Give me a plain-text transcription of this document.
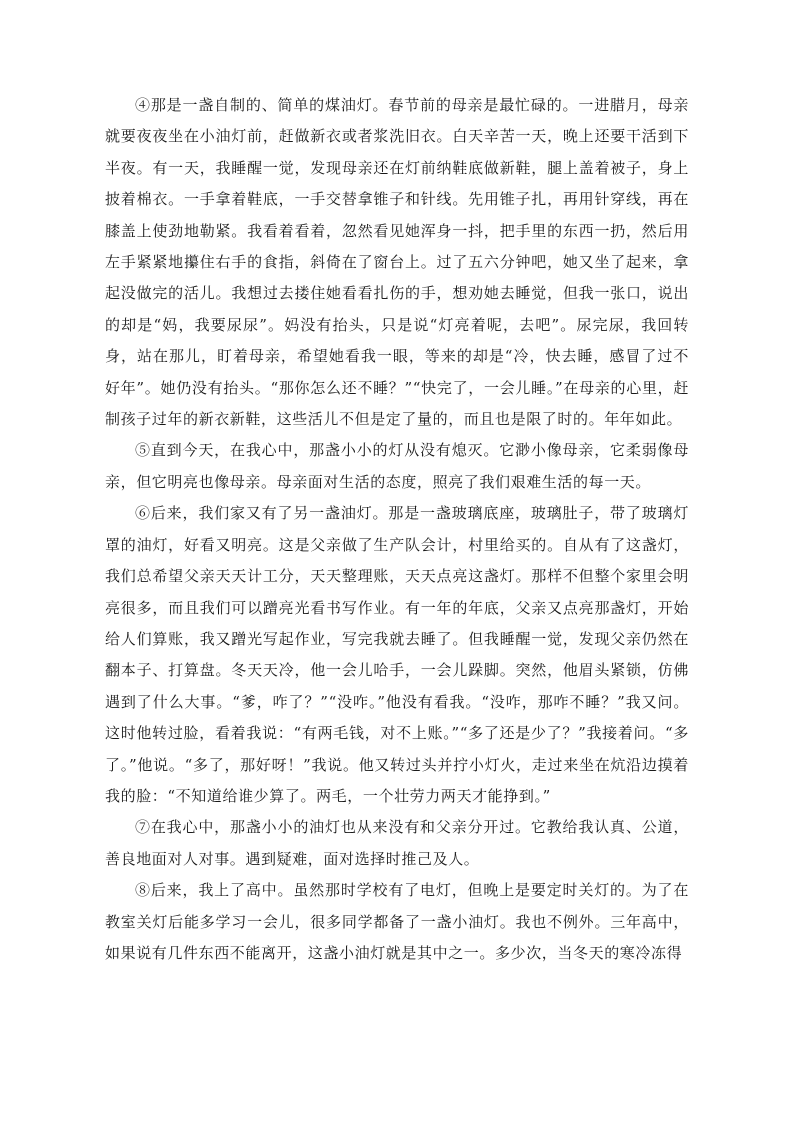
④那是一盏自制的、简单的煤油灯。春节前的母亲是最忙碌的。一进腊月，母亲就要夜夜坐在小油灯前，赶做新衣或者浆洗旧衣。白天辛苦一天，晚上还要干活到下半夜。有一天，我睡醒一觉，发现母亲还在灯前纳鞋底做新鞋，腿上盖着被子，身上披着棉衣。一手拿着鞋底，一手交替拿锥子和针线。先用锥子扎，再用针穿线，再在膝盖上使劲地勒紧。我看着看着，忽然看见她浑身一抖，把手里的东西一扔，然后用左手紧紧地攥住右手的食指，斜倚在了窗台上。过了五六分钟吧，她又坐了起来，拿起没做完的活儿。我想过去搂住她看看扎伤的手，想劝她去睡觉，但我一张口，说出的却是“妈，我要尿尿”。妈没有抬头，只是说“灯亮着呢，去吧”。尿完尿，我回转身，站在那儿，盯着母亲，希望她看我一眼，等来的却是“冷，快去睡，感冒了过不好年”。她仍没有抬头。“那你怎么还不睡？”“快完了，一会儿睡。”在母亲的心里，赶制孩子过年的新衣新鞋，这些活儿不但是定了量的，而且也是限了时的。年年如此。

⑤直到今天，在我心中，那盏小小的灯从没有熄灭。它渺小像母亲，它柔弱像母亲，但它明亮也像母亲。母亲面对生活的态度，照亮了我们艰难生活的每一天。

⑥后来，我们家又有了另一盏油灯。那是一盏玻璃底座，玻璃肚子，带了玻璃灯罩的油灯，好看又明亮。这是父亲做了生产队会计，村里给买的。自从有了这盏灯，我们总希望父亲天天计工分，天天整理账，天天点亮这盏灯。那样不但整个家里会明亮很多，而且我们可以蹭亮光看书写作业。有一年的年底，父亲又点亮那盏灯，开始给人们算账，我又蹭光写起作业，写完我就去睡了。但我睡醒一觉，发现父亲仍然在翻本子、打算盘。冬天天冷，他一会儿哈手，一会儿跺脚。突然，他眉头紧锁，仿佛遇到了什么大事。“爹，咋了？”“没咋。”他没有看我。“没咋，那咋不睡？”我又问。这时他转过脸，看着我说：“有两毛钱，对不上账。”“多了还是少了？”我接着问。“多了。”他说。“多了，那好呀！”我说。他又转过头并拧小灯火，走过来坐在炕沿边摸着我的脸：“不知道给谁少算了。两毛，一个壮劳力两天才能挣到。”

⑦在我心中，那盏小小的油灯也从来没有和父亲分开过。它教给我认真、公道，善良地面对人对事。遇到疑难，面对选择时推己及人。

⑧后来，我上了高中。虽然那时学校有了电灯，但晚上是要定时关灯的。为了在教室关灯后能多学习一会儿，很多同学都备了一盏小油灯。我也不例外。三年高中，如果说有几件东西不能离开，这盏小油灯就是其中之一。多少次，当冬天的寒冷冻得
